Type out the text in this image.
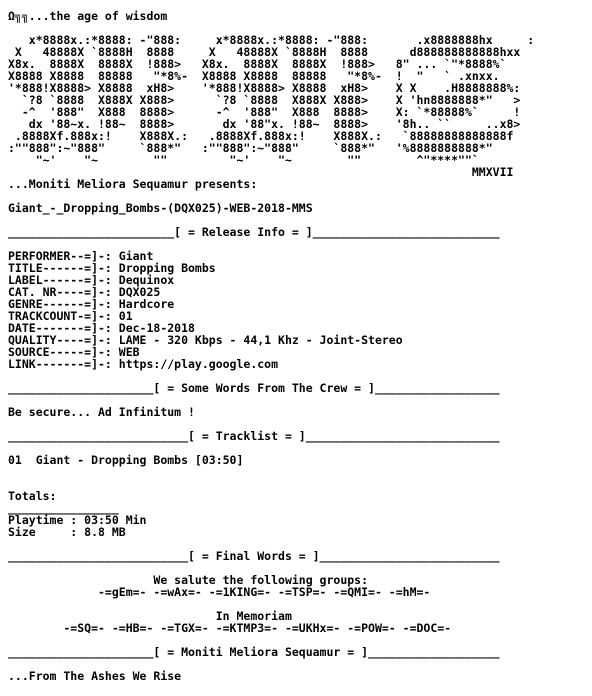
Ω╗╗...the age of wisdom

x*8888x.:*8888: -"888:     x*8888x.:*8888: -"888:       .x8888888hx     :
X   48888X `8888H  8888     X   48888X `8888H  8888      d888888888888hxx
X8x.  8888X  8888X  !888>   X8x.  8888X  8888X  !888>   8" ... `"*8888%`
X8888 X8888  88888   "*8%-  X8888 X8888  88888   "*8%-  !  "   ` .xnxx.
'*888!X8888> X8888  xH8>    '*888!X8888> X8888  xH8>    X X    .H8888888%:
`?8 `8888  X888X X888>      `?8 `8888  X888X X888>    X 'hn8888888*"   >
-^  '888"  X888  8888>      -^  '888"  X888  8888>    X: `*88888%`     !
dx '88~x. !88~  8888>       dx '88"x. !88~  8888>    '8h.. ``     ..x8>
.8888Xf.888x:!    X888X.:   .8888Xf.888x:!    X888X.:   `88888888888888f
:""888":~"888"     `888*"   :""888":~"888"     `888*"   '%8888888888*"
"~'    "~        ""         "~'    "~        ""        ^"****""`
MMXVII
...Moniti Meliora Sequamur presents:
Giant_-_Dropping_Bombs-(DQX025)-WEB-2018-MMS
________________________[ = Release Info = ]___________________________
PERFORMER--=]-: Giant
TITLE------=]-: Dropping Bombs
LABEL------=]-: Dequinox
CAT. NR----=]-: DQX025
GENRE------=]-: Hardcore
TRACKCOUNT-=]-: 01
DATE-------=]-: Dec-18-2018
QUALITY----=]-: LAME - 320 Kbps - 44,1 Khz - Joint-Stereo
SOURCE-----=]-: WEB
LINK-------=]-: https://play.google.com
_____________________[ = Some Words From The Crew = ]__________________
Be secure... Ad Infinitum !
__________________________[ = Tracklist = ]____________________________
01  Giant - Dropping Bombs [03:50]
Totals:
________________
Playtime : 03:50 Min
Size     : 8.8 MB
__________________________[ = Final Words = ]__________________________
We salute the following groups:
-=gEm=- -=wAx=- -=1KING=- -=TSP=- -=QMI=- -=hM=-
In Memoriam
-=SQ=- -=HB=- -=TGX=- -=KTMP3=- -=UKHx=- -=POW=- -=DOC=-
_____________________[ = Moniti Meliora Sequamur = ]___________________
...From The Ashes We Rise
